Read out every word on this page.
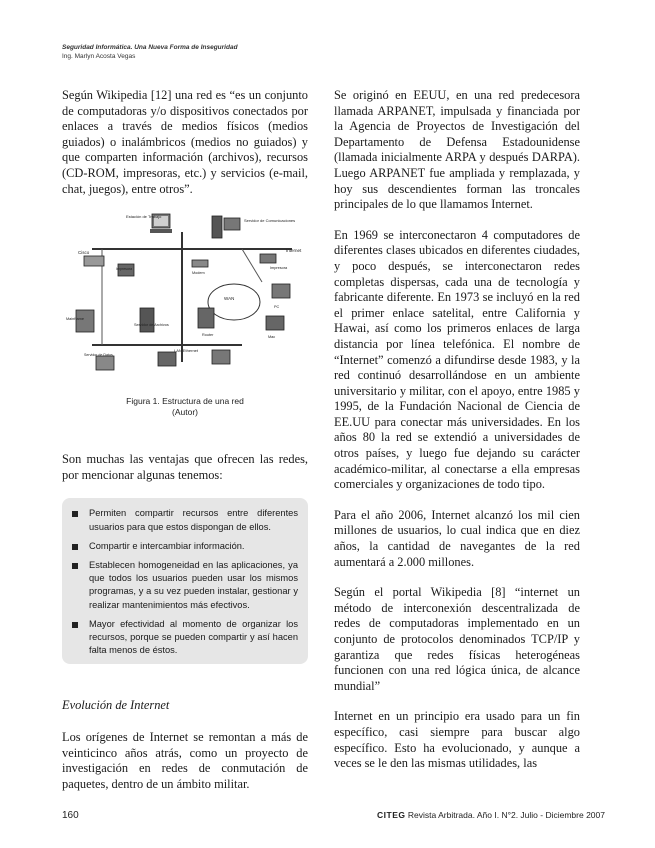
Seguridad Informática. Una Nueva Forma de Inseguridad
Ing. Marlyn Acosta Vegas

Según Wikipedia [12] una red es “es un conjunto de computadoras y/o dispositivos conectados por enlaces a través de medios físicos (medios guiados) o inalámbricos (medios no guiados) y que comparten información (archivos), recursos (CD-ROM, impresoras, etc.) y servicios (e-mail, chat, juegos), entre otros”.

Estación de Trabajo
Servidor de Comunicaciones
Cisco
Impresora
Modem
Impresora
WAN
Router
Servidor de Archivos
Mainframe
Servidor de Datos
LAN Ethernet
PC
Mac
Internet
Figura 1. Estructura de una red
(Autor)

Son muchas las ventajas que ofrecen las redes, por mencionar algunas tenemos:

Permiten compartir recursos entre diferentes usuarios para que estos dispongan de ellos.
Compartir e intercambiar información.
Establecen homogeneidad en las aplicaciones, ya que todos los usuarios pueden usar los mismos programas, y a su vez pueden instalar, gestionar y realizar mantenimientos más efectivos.
Mayor efectividad al momento de organizar los recursos, porque se pueden compartir y así hacen falta menos de éstos.

Evolución de Internet

Los orígenes de Internet se remontan a más de veinticinco años atrás, como un proyecto de investigación en redes de conmutación de paquetes, dentro de un ámbito militar.

Se originó en EEUU, en una red predecesora llamada ARPANET, impulsada y financiada por la Agencia de Proyectos de Investigación del Departamento de Defensa Estadounidense (llamada inicialmente ARPA y después DARPA). Luego ARPANET fue ampliada y remplazada, y hoy sus descendientes forman las troncales principales de lo que llamamos Internet.

En 1969 se interconectaron 4 computadores de diferentes clases ubicados en diferentes ciudades, y poco después, se interconectaron redes completas dispersas, cada una de tecnología y fabricante diferente. En 1973 se incluyó en la red el primer enlace satelital, entre California y Hawai, así como los primeros enlaces de larga distancia por línea telefónica. El nombre de “Internet” comenzó a difundirse desde 1983, y la red continuó desarrollándose en un ambiente universitario y militar, con el apoyo, entre 1985 y 1995, de la Fundación Nacional de Ciencia de EE.UU para conectar más universidades. En los años 80 la red se extendió a universidades de otros países, y luego fue dejando su carácter académico-militar, al conectarse a ella empresas comerciales y organizaciones de todo tipo.

Para el año 2006, Internet alcanzó los mil cien millones de usuarios, lo cual indica que en diez años, la cantidad de navegantes de la red aumentará a 2.000 millones.

Según el portal Wikipedia [8] “internet un método de interconexión descentralizada de redes de computadoras implementado en un conjunto de protocolos denominados TCP/IP y garantiza que redes físicas heterogéneas funcionen con una red lógica única, de alcance mundial”

Internet en un principio era usado para un fin específico, casi siempre para buscar algo específico. Esto ha evolucionado, y aunque a veces se le den las mismas utilidades, las

160	CITEG Revista Arbitrada. Año I. N°2. Julio - Diciembre 2007
